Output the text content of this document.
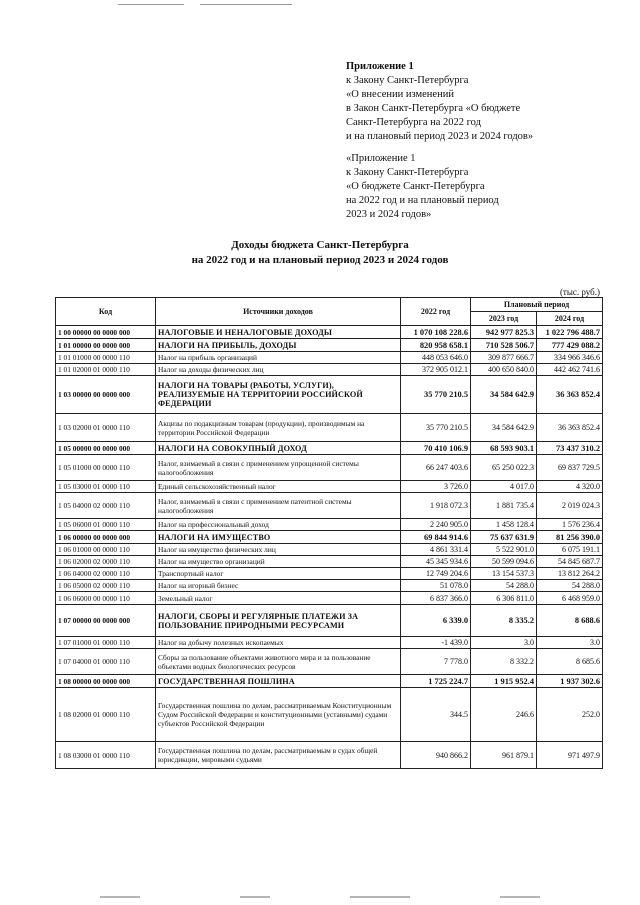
Приложение 1
к Закону Санкт-Петербурга
«О внесении изменений
в Закон Санкт-Петербурга «О бюджете
Санкт-Петербурга на 2022 год
и на плановый период 2023 и 2024 годов»
«Приложение 1
к Закону Санкт-Петербурга
«О бюджете Санкт-Петербурга
на 2022 год и на плановый период
2023 и 2024 годов»
Доходы бюджета Санкт-Петербурга
на 2022 год и на плановый период 2023 и 2024 годов
(тыс. руб.)
Код	Источники доходов	2022 год	Плановый период	
			2023 год	2024 год
1 00 00000 00 0000 000	НАЛОГОВЫЕ И НЕНАЛОГОВЫЕ ДОХОДЫ	1 070 108 228.6	942 977 825.3	1 022 796 488.7
1 01 00000 00 0000 000	НАЛОГИ НА ПРИБЫЛЬ, ДОХОДЫ	820 958 658.1	710 528 506.7	777 429 088.2
1 01 01000 00 0000 110	Налог на прибыль организаций	448 053 646.0	309 877 666.7	334 966 346.6
1 01 02000 01 0000 110	Налог на доходы физических лиц	372 905 012.1	400 650 840.0	442 462 741.6
1 03 00000 00 0000 000	НАЛОГИ НА ТОВАРЫ (РАБОТЫ, УСЛУГИ), РЕАЛИЗУЕМЫЕ НА ТЕРРИТОРИИ РОССИЙСКОЙ ФЕДЕРАЦИИ	35 770 210.5	34 584 642.9	36 363 852.4
1 03 02000 01 0000 110	Акцизы по подакцизным товарам (продукции), производимым на территории Российской Федерации	35 770 210.5	34 584 642.9	36 363 852.4
1 05 00000 00 0000 000	НАЛОГИ НА СОВОКУПНЫЙ ДОХОД	70 410 106.9	68 593 903.1	73 437 310.2
1 05 01000 00 0000 110	Налог, взимаемый в связи с применением упрощенной системы налогообложения	66 247 403.6	65 250 022.3	69 837 729.5
1 05 03000 01 0000 110	Единый сельскохозяйственный налог	3 726.0	4 017.0	4 320.0
1 05 04000 02 0000 110	Налог, взимаемый в связи с применением патентной системы налогообложения	1 918 072.3	1 881 735.4	2 019 024.3
1 05 06000 01 0000 110	Налог на профессиональный доход	2 240 905.0	1 458 128.4	1 576 236.4
1 06 00000 00 0000 000	НАЛОГИ НА ИМУЩЕСТВО	69 844 914.6	75 637 631.9	81 256 390.0
1 06 01000 00 0000 110	Налог на имущество физических лиц	4 861 331.4	5 522 901.0	6 075 191.1
1 06 02000 02 0000 110	Налог на имущество организаций	45 345 934.6	50 599 094.6	54 845 687.7
1 06 04000 02 0000 110	Транспортный налог	12 749 204.6	13 154 537.3	13 812 264.2
1 06 05000 02 0000 110	Налог на игорный бизнес	51 078.0	54 288.0	54 288.0
1 06 06000 00 0000 110	Земельный налог	6 837 366.0	6 306 811.0	6 468 959.0
1 07 00000 00 0000 000	НАЛОГИ, СБОРЫ И РЕГУЛЯРНЫЕ ПЛАТЕЖИ ЗА ПОЛЬЗОВАНИЕ ПРИРОДНЫМИ РЕСУРСАМИ	6 339.0	8 335.2	8 688.6
1 07 01000 01 0000 110	Налог на добычу полезных ископаемых	-1 439.0	3.0	3.0
1 07 04000 01 0000 110	Сборы за пользование объектами животного мира и за пользование объектами водных биологических ресурсов	7 778.0	8 332.2	8 685.6
1 08 00000 00 0000 000	ГОСУДАРСТВЕННАЯ ПОШЛИНА	1 725 224.7	1 915 952.4	1 937 302.6
1 08 02000 01 0000 110	Государственная пошлина по делам, рассматриваемым Конституционным Судом Российской Федерации и конституционными (уставными) судами субъектов Российской Федерации	344.5	246.6	252.0
1 08 03000 01 0000 110	Государственная пошлина по делам, рассматриваемым в судах общей юрисдикции, мировыми судьями	940 866.2	961 879.1	971 497.9
